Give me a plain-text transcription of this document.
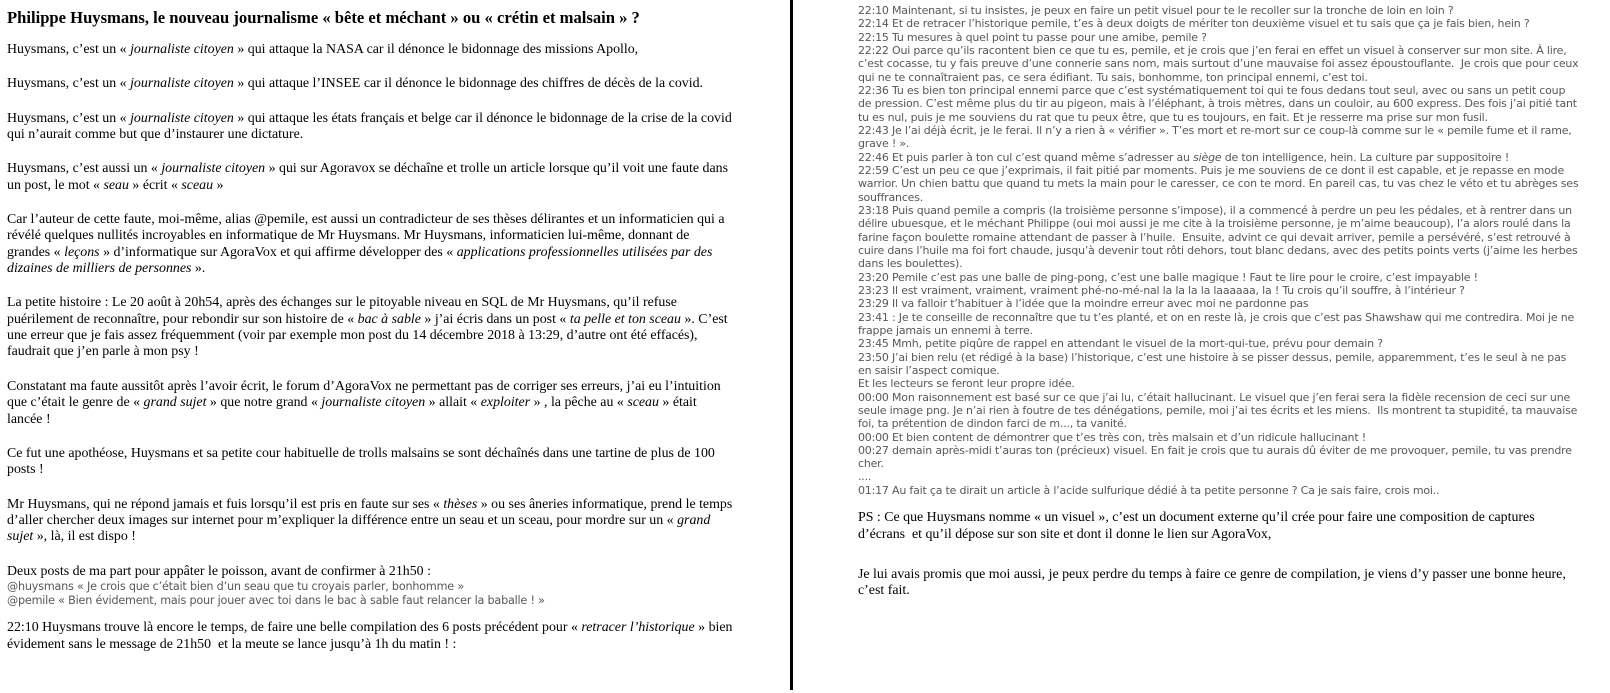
Philippe Huysmans, le nouveau journalisme « bête et méchant » ou « crétin et malsain » ?

Huysmans, c’est un « journaliste citoyen » qui attaque la NASA car il dénonce le bidonnage des missions Apollo,

Huysmans, c’est un « journaliste citoyen » qui attaque l’INSEE car il dénonce le bidonnage des chiffres de décès de la covid.

Huysmans, c’est un « journaliste citoyen » qui attaque les états français et belge car il dénonce le bidonnage de la crise de la covid qui n’aurait comme but que d’instaurer une dictature.

Huysmans, c’est aussi un « journaliste citoyen » qui sur Agoravox se déchaîne et trolle un article lorsque qu’il voit une faute dans un post, le mot « seau » écrit « sceau »

Car l’auteur de cette faute, moi-même, alias @pemile, est aussi un contradicteur de ses thèses délirantes et un informaticien qui a révélé quelques nullités incroyables en informatique de Mr Huysmans. Mr Huysmans, informaticien lui-même, donnant de grandes « leçons » d’informatique sur AgoraVox et qui affirme développer des « applications professionnelles utilisées par des dizaines de milliers de personnes ».

La petite histoire : Le 20 août à 20h54, après des échanges sur le pitoyable niveau en SQL de Mr Huysmans, qu’il refuse puérilement de reconnaître, pour rebondir sur son histoire de « bac à sable » j’ai écris dans un post « ta pelle et ton sceau ». C’est une erreur que je fais assez fréquemment (voir par exemple mon post du 14 décembre 2018 à 13:29, d’autre ont été effacés), faudrait que j’en parle à mon psy !

Constatant ma faute aussitôt après l’avoir écrit, le forum d’AgoraVox ne permettant pas de corriger ses erreurs, j’ai eu l’intuition que c’était le genre de « grand sujet » que notre grand « journaliste citoyen » allait « exploiter » , la pêche au « sceau » était lancée !

Ce fut une apothéose, Huysmans et sa petite cour habituelle de trolls malsains se sont déchaînés dans une tartine de plus de 100 posts !

Mr Huysmans, qui ne répond jamais et fuis lorsqu’il est pris en faute sur ses « thèses » ou ses âneries informatique, prend le temps d’aller chercher deux images sur internet pour m’expliquer la différence entre un seau et un sceau, pour mordre sur un « grand sujet », là, il est dispo !

Deux posts de ma part pour appâter le poisson, avant de confirmer à 21h50 :

@huysmans « Je crois que c’était bien d’un seau que tu croyais parler, bonhomme »

@pemile « Bien évidement, mais pour jouer avec toi dans le bac à sable faut relancer la baballe ! »

22:10 Huysmans trouve là encore le temps, de faire une belle compilation des 6 posts précédent pour « retracer l’historique » bien évidement sans le message de 21h50  et la meute se lance jusqu’à 1h du matin ! :

22:10 Maintenant, si tu insistes, je peux en faire un petit visuel pour te le recoller sur la tronche de loin en loin ?

22:14 Et de retracer l’historique pemile, t’es à deux doigts de mériter ton deuxième visuel et tu sais que ça je fais bien, hein ?

22:15 Tu mesures à quel point tu passe pour une amibe, pemile ?

22:22 Oui parce qu’ils racontent bien ce que tu es, pemile, et je crois que j’en ferai en effet un visuel à conserver sur mon site. À lire, c’est cocasse, tu y fais preuve d’une connerie sans nom, mais surtout d’une mauvaise foi assez époustouflante.  Je crois que pour ceux qui ne te connaîtraient pas, ce sera édifiant. Tu sais, bonhomme, ton principal ennemi, c’est toi.

22:36 Tu es bien ton principal ennemi parce que c’est systématiquement toi qui te fous dedans tout seul, avec ou sans un petit coup de pression. C’est même plus du tir au pigeon, mais à l’éléphant, à trois mètres, dans un couloir, au 600 express. Des fois j’ai pitié tant tu es nul, puis je me souviens du rat que tu peux être, que tu es toujours, en fait. Et je resserre ma prise sur mon fusil.

22:43 Je l’ai déjà écrit, je le ferai. Il n’y a rien à « vérifier ». T’es mort et re-mort sur ce coup-là comme sur le « pemile fume et il rame, grave ! ».

22:46 Et puis parler à ton cul c’est quand même s’adresser au siège de ton intelligence, hein. La culture par suppositoire !

22:59 C’est un peu ce que j’exprimais, il fait pitié par moments. Puis je me souviens de ce dont il est capable, et je repasse en mode warrior. Un chien battu que quand tu mets la main pour le caresser, ce con te mord. En pareil cas, tu vas chez le véto et tu abrèges ses souffrances.

23:18 Puis quand pemile a compris (la troisième personne s’impose), il a commencé à perdre un peu les pédales, et à rentrer dans un délire ubuesque, et le méchant Philippe (oui moi aussi je me cite à la troisième personne, je m’aime beaucoup), l’a alors roulé dans la farine façon boulette romaine attendant de passer à l’huile.  Ensuite, advint ce qui devait arriver, pemile a persévéré, s’est retrouvé à cuire dans l’huile ma foi fort chaude, jusqu’à devenir tout rôti dehors, tout blanc dedans, avec des petits points verts (j’aime les herbes dans les boulettes).

23:20 Pemile c’est pas une balle de ping-pong, c’est une balle magique ! Faut te lire pour le croire, c’est impayable !

23:23 Il est vraiment, vraiment, vraiment phé-no-mé-nal la la la la laaaaaa, la ! Tu crois qu’il souffre, à l’intérieur ?

23:29 Il va falloir t’habituer à l’idée que la moindre erreur avec moi ne pardonne pas

23:41 : Je te conseille de reconnaître que tu t’es planté, et on en reste là, je crois que c’est pas Shawshaw qui me contredira. Moi je ne frappe jamais un ennemi à terre.

23:45 Mmh, petite piqûre de rappel en attendant le visuel de la mort-qui-tue, prévu pour demain ?

23:50 J’ai bien relu (et rédigé à la base) l’historique, c’est une histoire à se pisser dessus, pemile, apparemment, t’es le seul à ne pas en saisir l’aspect comique.

Et les lecteurs se feront leur propre idée.

00:00 Mon raisonnement est basé sur ce que j’ai lu, c’était hallucinant. Le visuel que j’en ferai sera la fidèle recension de ceci sur une seule image png. Je n’ai rien à foutre de tes dénégations, pemile, moi j’ai tes écrits et les miens.  Ils montrent ta stupidité, ta mauvaise foi, ta prétention de dindon farci de m..., ta vanité.

00:00 Et bien content de démontrer que t’es très con, très malsain et d’un ridicule hallucinant !

00:27 demain après-midi t’auras ton (précieux) visuel. En fait je crois que tu aurais dû éviter de me provoquer, pemile, tu vas prendre cher.

....

01:17 Au fait ça te dirait un article à l’acide sulfurique dédié à ta petite personne ? Ca je sais faire, crois moi..

PS : Ce que Huysmans nomme « un visuel », c’est un document externe qu’il crée pour faire une composition de captures d’écrans  et qu’il dépose sur son site et dont il donne le lien sur AgoraVox,

Je lui avais promis que moi aussi, je peux perdre du temps à faire ce genre de compilation, je viens d’y passer une bonne heure, c’est fait.
